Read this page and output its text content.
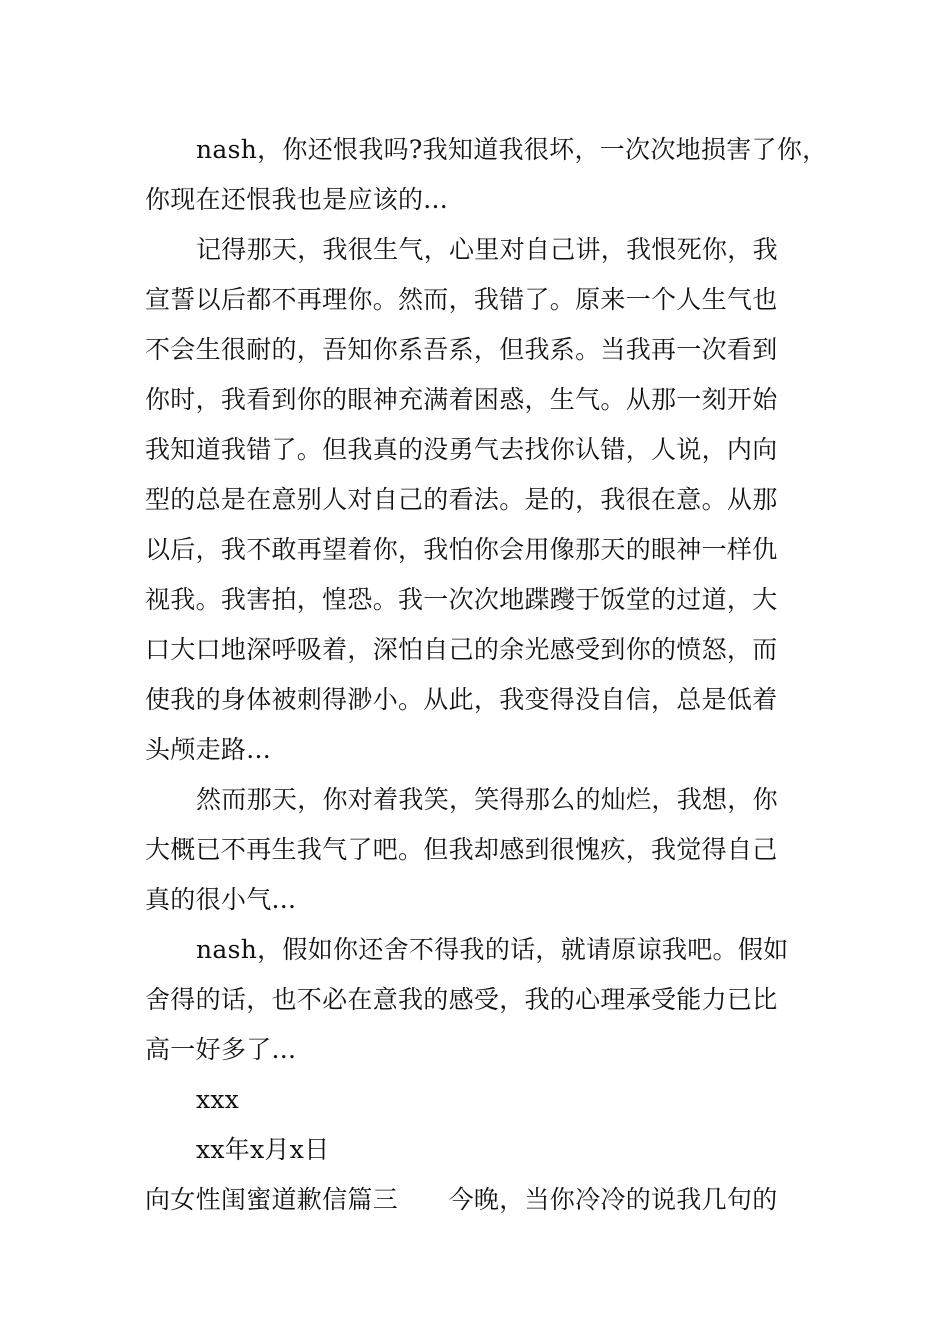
nash，你还恨我吗?我知道我很坏，一次次地损害了你，
你现在还恨我也是应该的...
记得那天，我很生气，心里对自己讲，我恨死你，我
宣誓以后都不再理你。然而，我错了。原来一个人生气也
不会生很耐的，吾知你系吾系，但我系。当我再一次看到
你时，我看到你的眼神充满着困惑，生气。从那一刻开始
我知道我错了。但我真的没勇气去找你认错，人说，内向
型的总是在意别人对自己的看法。是的，我很在意。从那
以后，我不敢再望着你，我怕你会用像那天的眼神一样仇
视我。我害拍，惶恐。我一次次地蹀躞于饭堂的过道，大
口大口地深呼吸着，深怕自己的余光感受到你的愤怒，而
使我的身体被刺得渺小。从此，我变得没自信，总是低着
头颅走路...
然而那天，你对着我笑，笑得那么的灿烂，我想，你
大概已不再生我气了吧。但我却感到很愧疚，我觉得自己
真的很小气...
nash，假如你还舍不得我的话，就请原谅我吧。假如
舍得的话，也不必在意我的感受，我的心理承受能力已比
高一好多了...
xxx
xx年x月x日
向女性闺蜜道歉信篇三　　今晚，当你冷冷的说我几句的
